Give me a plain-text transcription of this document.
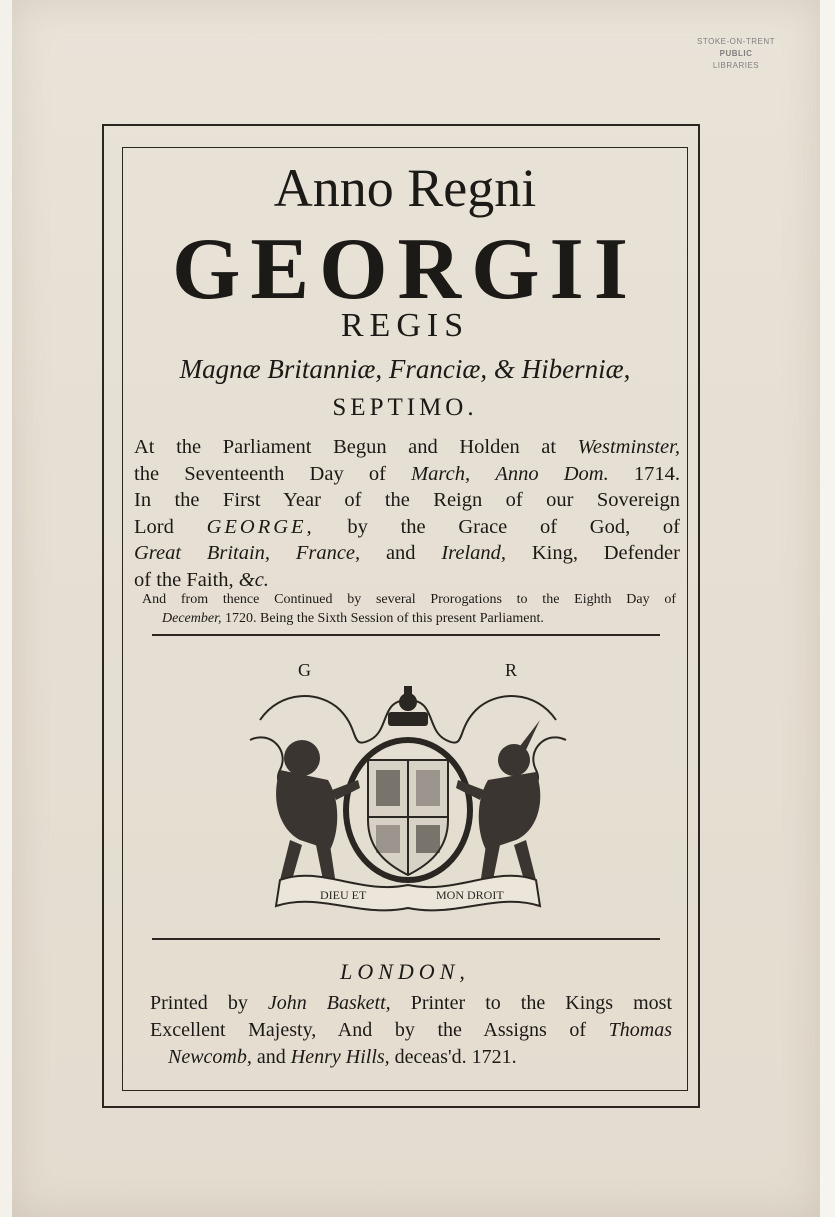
STOKE-ON-TRENT
PUBLIC
LIBRARIES
Anno Regni
GEORGII
REGIS
Magnæ Britanniæ, Franciæ, & Hiberniæ,
SEPTIMO.
At the Parliament Begun and Holden at Westminster,
the Seventeenth Day of March, Anno Dom. 1714.
In the First Year of the Reign of our Sovereign
Lord GEORGE, by the Grace of God, of
Great Britain, France, and Ireland, King, Defender
of the Faith, &c.
And from thence Continued by several Prorogations to the Eighth Day of
December, 1720. Being the Sixth Session of this present Parliament.
G	R
DIEU ET	MON DROIT
LONDON,
Printed by John Baskett, Printer to the Kings most
Excellent Majesty, And by the Assigns of Thomas
Newcomb, and Henry Hills, deceas'd. 1721.
